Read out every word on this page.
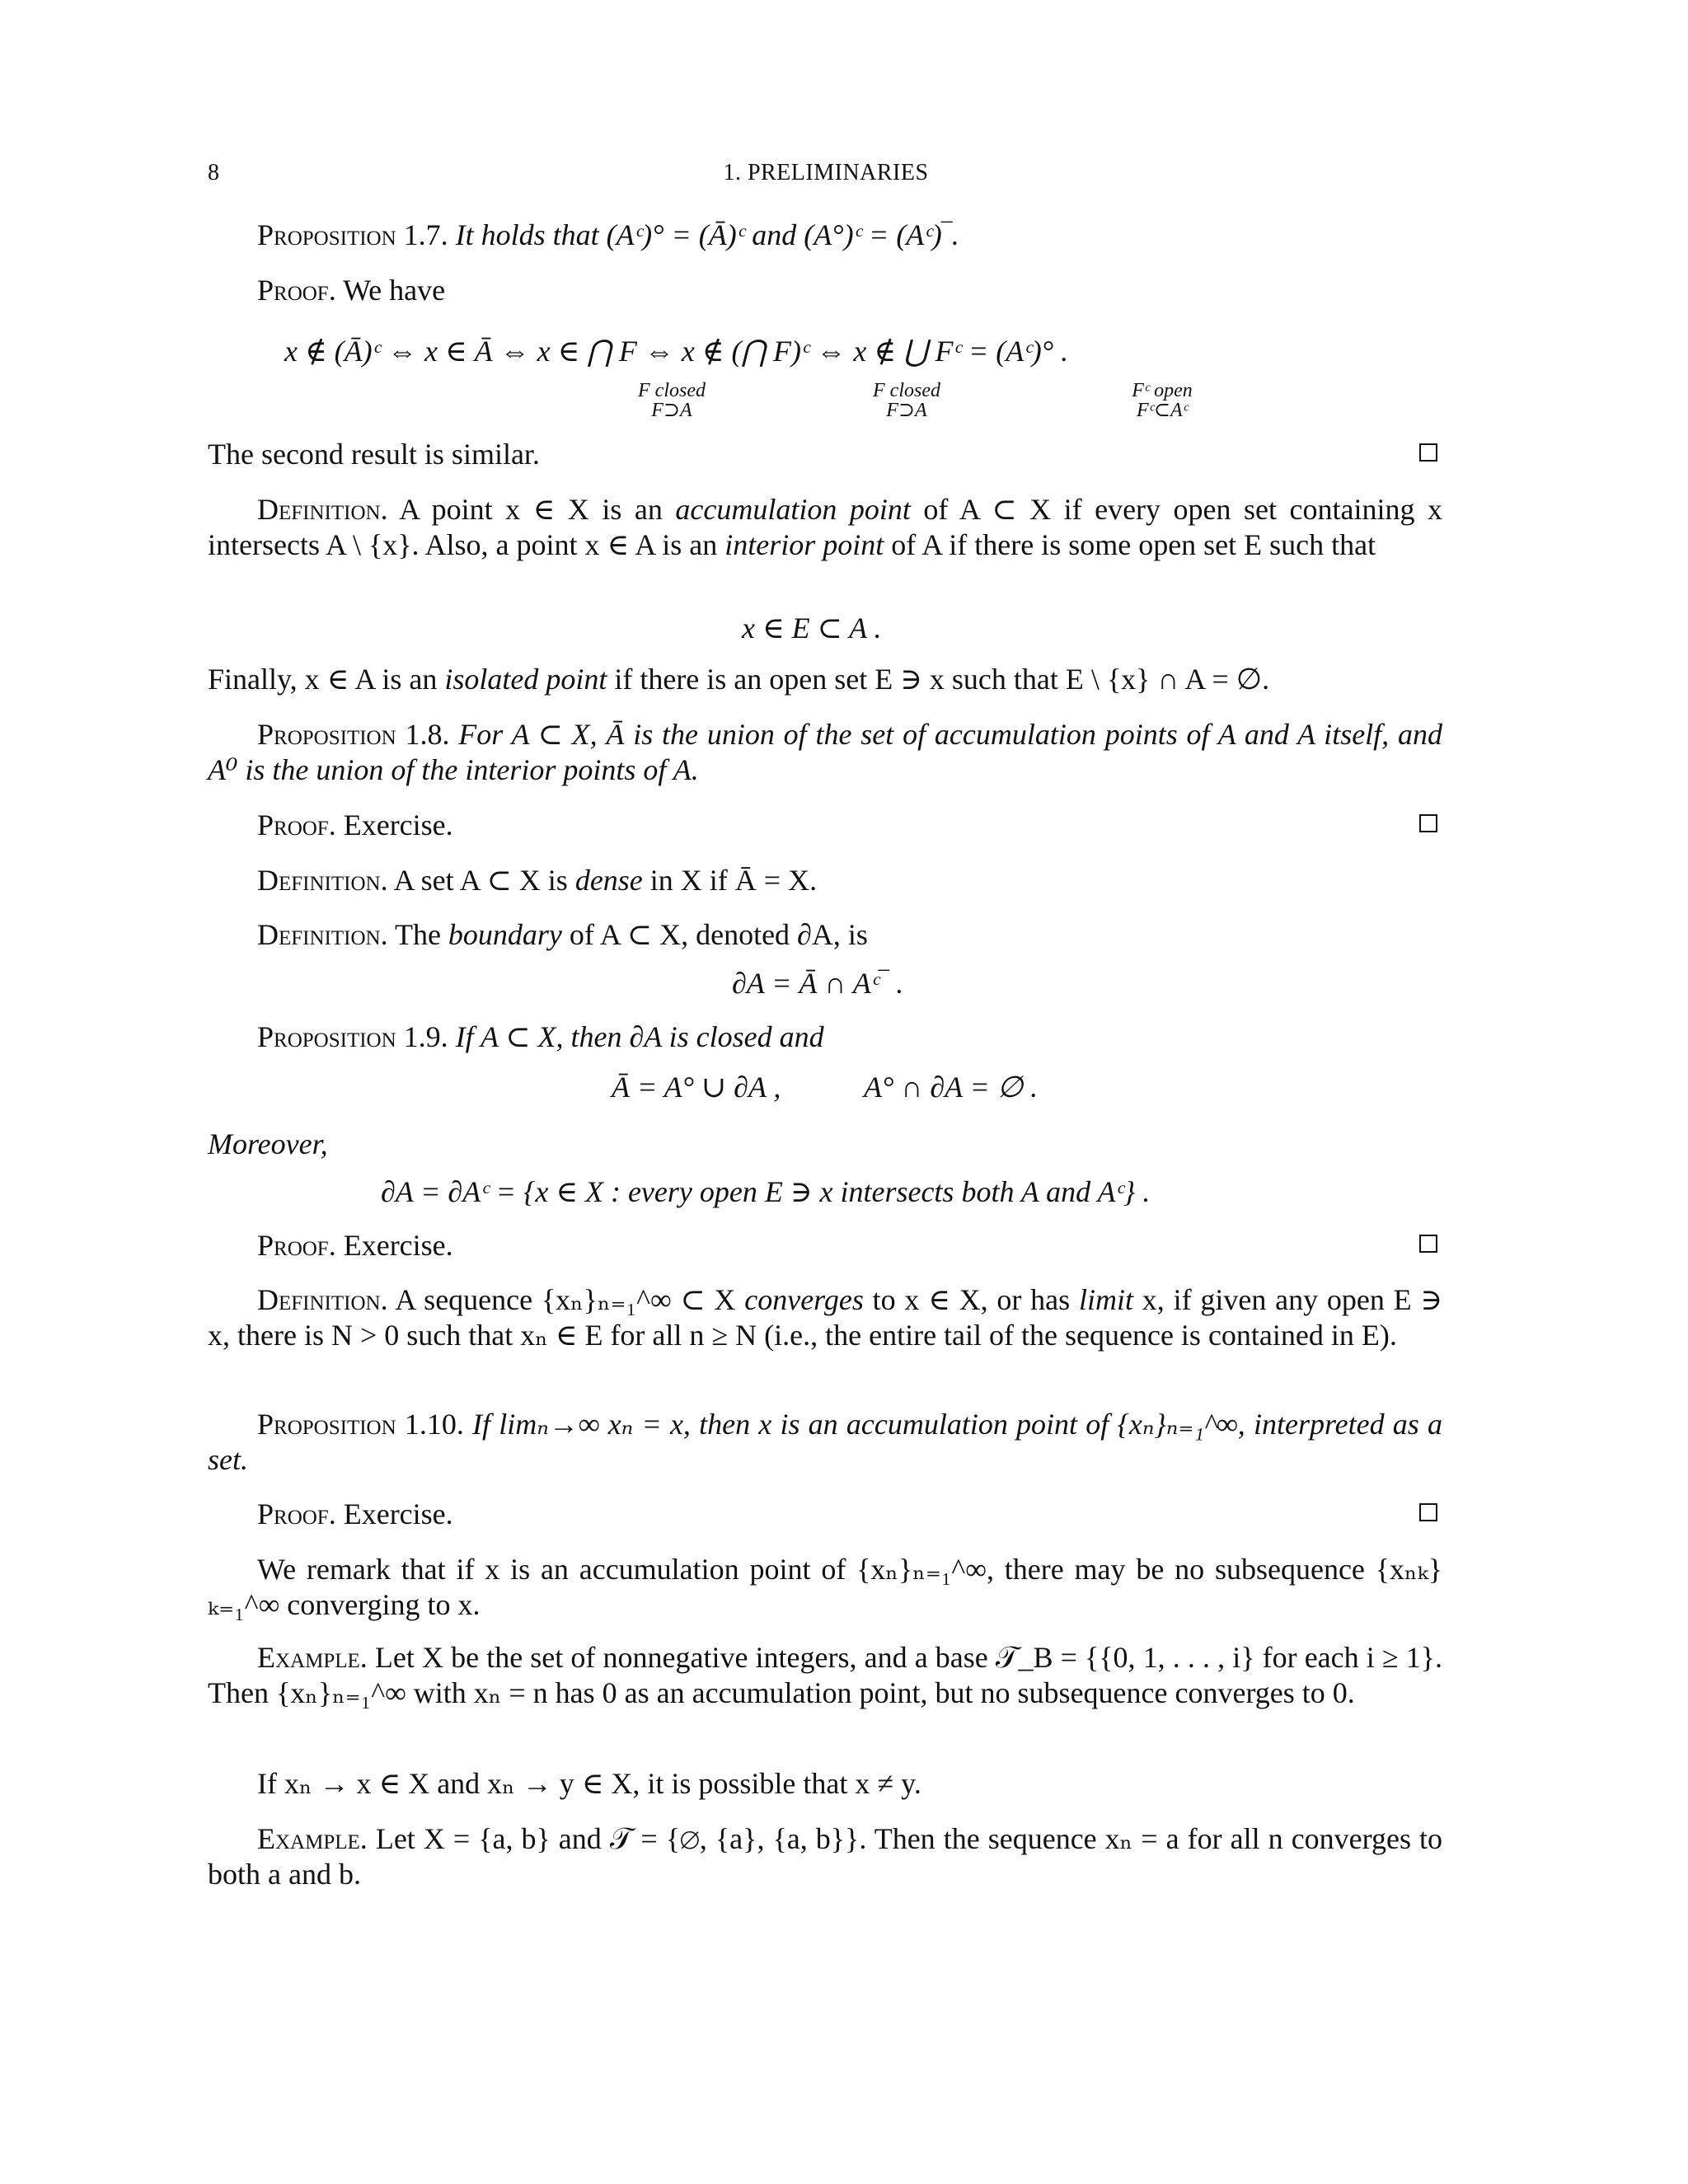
8	1. PRELIMINARIES
Proposition 1.7. It holds that (Aᶜ)° = (Ā)ᶜ and (A°)ᶜ = (Aᶜ)‾.
Proof. We have
x ∉ (Ā)ᶜ ⇔ x ∈ Ā ⇔ x ∈ ⋂ F ⇔ x ∉ (⋂ F)ᶜ ⇔ x ∉ ⋃ Fᶜ = (Aᶜ)° .
F closed
F⊃A
F closed
F⊃A
Fᶜ open
Fᶜ⊂Aᶜ
The second result is similar.
Definition. A point x ∈ X is an accumulation point of A ⊂ X if every open set containing x intersects A \ {x}. Also, a point x ∈ A is an interior point of A if there is some open set E such that
x ∈ E ⊂ A .
Finally, x ∈ A is an isolated point if there is an open set E ∋ x such that E \ {x} ∩ A = ∅.
Proposition 1.8. For A ⊂ X, Ā is the union of the set of accumulation points of A and A itself, and A⁰ is the union of the interior points of A.
Proof. Exercise.
Definition. A set A ⊂ X is dense in X if Ā = X.
Definition. The boundary of A ⊂ X, denoted ∂A, is
∂A = Ā ∩ Aᶜ‾ .
Proposition 1.9. If A ⊂ X, then ∂A is closed and
Ā = A° ∪ ∂A ,	A° ∩ ∂A = ∅ .
Moreover,
∂A = ∂Aᶜ = {x ∈ X : every open E ∋ x intersects both A and Aᶜ} .
Proof. Exercise.
Definition. A sequence {xₙ}ₙ₌₁^∞ ⊂ X converges to x ∈ X, or has limit x, if given any open E ∋ x, there is N > 0 such that xₙ ∈ E for all n ≥ N (i.e., the entire tail of the sequence is contained in E).
Proposition 1.10. If limₙ→∞ xₙ = x, then x is an accumulation point of {xₙ}ₙ₌₁^∞, interpreted as a set.
Proof. Exercise.
We remark that if x is an accumulation point of {xₙ}ₙ₌₁^∞, there may be no subsequence {xₙₖ}ₖ₌₁^∞ converging to x.
Example. Let X be the set of nonnegative integers, and a base 𝒯_B = {{0, 1, . . . , i} for each i ≥ 1}. Then {xₙ}ₙ₌₁^∞ with xₙ = n has 0 as an accumulation point, but no subsequence converges to 0.
If xₙ → x ∈ X and xₙ → y ∈ X, it is possible that x ≠ y.
Example. Let X = {a, b} and 𝒯 = {∅, {a}, {a, b}}. Then the sequence xₙ = a for all n converges to both a and b.
